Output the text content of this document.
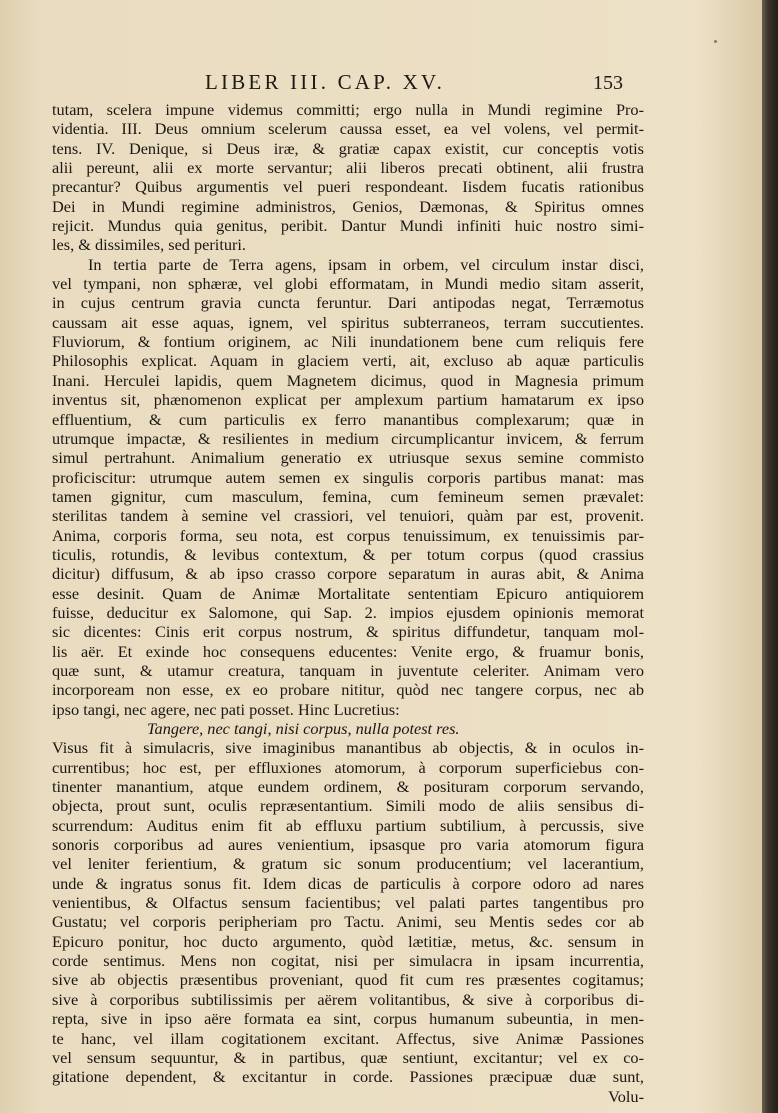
LIBER III. CAP. XV.	153
tutam, scelera impune videmus committi; ergo nulla in Mundi regimine Pro-
videntia. III. Deus omnium scelerum caussa esset, ea vel volens, vel permit-
tens. IV. Denique, si Deus iræ, & gratiæ capax existit, cur conceptis votis
alii pereunt, alii ex morte servantur; alii liberos precati obtinent, alii frustra
precantur? Quibus argumentis vel pueri respondeant. Iisdem fucatis rationibus
Dei in Mundi regimine administros, Genios, Dæmonas, & Spiritus omnes
rejicit. Mundus quia genitus, peribit. Dantur Mundi infiniti huic nostro simi-
les, & dissimiles, sed perituri.
In tertia parte de Terra agens, ipsam in orbem, vel circulum instar disci,
vel tympani, non sphæræ, vel globi efformatam, in Mundi medio sitam asserit,
in cujus centrum gravia cuncta feruntur. Dari antipodas negat, Terræmotus
caussam ait esse aquas, ignem, vel spiritus subterraneos, terram succutientes.
Fluviorum, & fontium originem, ac Nili inundationem bene cum reliquis fere
Philosophis explicat. Aquam in glaciem verti, ait, excluso ab aquæ particulis
Inani. Herculei lapidis, quem Magnetem dicimus, quod in Magnesia primum
inventus sit, phænomenon explicat per amplexum partium hamatarum ex ipso
effluentium, & cum particulis ex ferro manantibus complexarum; quæ in
utrumque impactæ, & resilientes in medium circumplicantur invicem, & ferrum
simul pertrahunt. Animalium generatio ex utriusque sexus semine commisto
proficiscitur: utrumque autem semen ex singulis corporis partibus manat: mas
tamen gignitur, cum masculum, femina, cum femineum semen prævalet:
sterilitas tandem à semine vel crassiori, vel tenuiori, quàm par est, provenit.
Anima, corporis forma, seu nota, est corpus tenuissimum, ex tenuissimis par-
ticulis, rotundis, & levibus contextum, & per totum corpus (quod crassius
dicitur) diffusum, & ab ipso crasso corpore separatum in auras abit, & Anima
esse desinit. Quam de Animæ Mortalitate sententiam Epicuro antiquiorem
fuisse, deducitur ex Salomone, qui Sap. 2. impios ejusdem opinionis memorat
sic dicentes: Cinis erit corpus nostrum, & spiritus diffundetur, tanquam mol-
lis aër. Et exinde hoc consequens educentes: Venite ergo, & fruamur bonis,
quæ sunt, & utamur creatura, tanquam in juventute celeriter. Animam vero
incorpoream non esse, ex eo probare nititur, quòd nec tangere corpus, nec ab
ipso tangi, nec agere, nec pati posset. Hinc Lucretius:
Tangere, nec tangi, nisi corpus, nulla potest res.
Visus fit à simulacris, sive imaginibus manantibus ab objectis, & in oculos in-
currentibus; hoc est, per effluxiones atomorum, à corporum superficiebus con-
tinenter manantium, atque eundem ordinem, & posituram corporum servando,
objecta, prout sunt, oculis repræsentantium. Simili modo de aliis sensibus di-
scurrendum: Auditus enim fit ab effluxu partium subtilium, à percussis, sive
sonoris corporibus ad aures venientium, ipsasque pro varia atomorum figura
vel leniter ferientium, & gratum sic sonum producentium; vel lacerantium,
unde & ingratus sonus fit. Idem dicas de particulis à corpore odoro ad nares
venientibus, & Olfactus sensum facientibus; vel palati partes tangentibus pro
Gustatu; vel corporis peripheriam pro Tactu. Animi, seu Mentis sedes cor ab
Epicuro ponitur, hoc ducto argumento, quòd lætitiæ, metus, &c. sensum in
corde sentimus. Mens non cogitat, nisi per simulacra in ipsam incurrentia,
sive ab objectis præsentibus proveniant, quod fit cum res præsentes cogitamus;
sive à corporibus subtilissimis per aërem volitantibus, & sive à corporibus di-
repta, sive in ipso aëre formata ea sint, corpus humanum subeuntia, in men-
te hanc, vel illam cogitationem excitant. Affectus, sive Animæ Passiones
vel sensum sequuntur, & in partibus, quæ sentiunt, excitantur; vel ex co-
gitatione dependent, & excitantur in corde. Passiones præcipuæ duæ sunt,
Volu-
